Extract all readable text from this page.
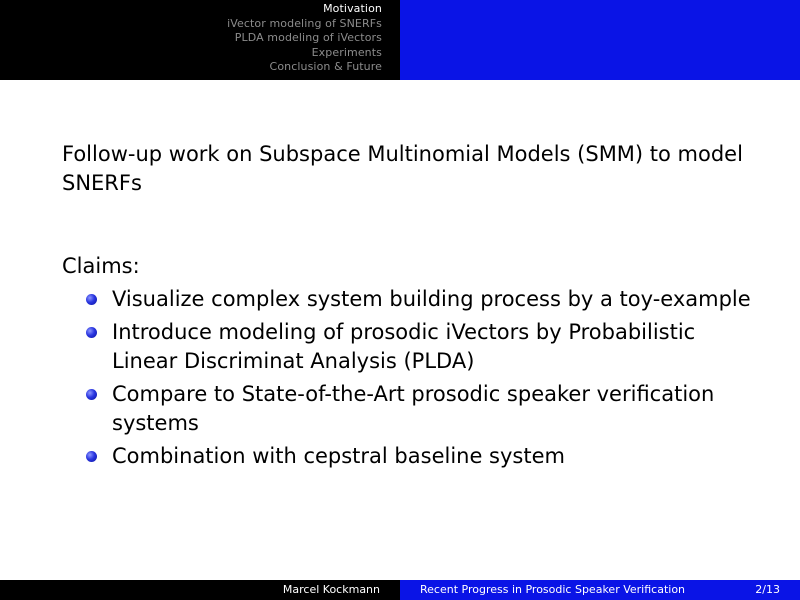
Motivation
iVector modeling of SNERFs
PLDA modeling of iVectors
Experiments
Conclusion & Future

Follow-up work on Subspace Multinomial Models (SMM) to model SNERFs

Claims:

Visualize complex system building process by a toy-example
Introduce modeling of prosodic iVectors by Probabilistic Linear Discriminat Analysis (PLDA)
Compare to State-of-the-Art prosodic speaker verification systems
Combination with cepstral baseline system
Marcel Kockmann	Recent Progress in Prosodic Speaker Verification	2/13
